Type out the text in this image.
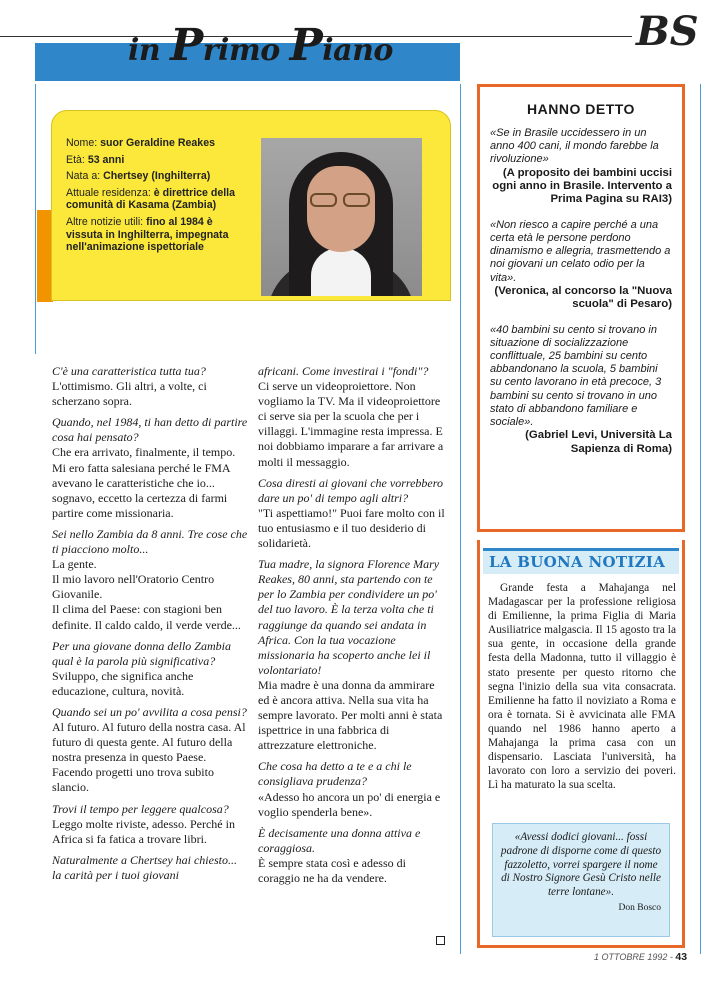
in Primo Piano	BS

Nome: suor Geraldine Reakes

Età: 53 anni

Nata a: Chertsey (Inghilterra)

Attuale residenza: è direttrice della comunità di Kasama (Zambia)

Altre notizie utili: fino al 1984 è vissuta in Inghilterra, impegnata nell'animazione ispettoriale

C'è una caratteristica tutta tua?
L'ottimismo. Gli altri, a volte, ci scherzano sopra.

Quando, nel 1984, ti han detto di partire cosa hai pensato?
Che era arrivato, finalmente, il tempo. Mi ero fatta salesiana perché le FMA avevano le caratteristiche che io... sognavo, eccetto la certezza di farmi partire come missionaria.

Sei nello Zambia da 8 anni. Tre cose che ti piacciono molto...
La gente.
Il mio lavoro nell'Oratorio Centro Giovanile.
Il clima del Paese: con stagioni ben definite. Il caldo caldo, il verde verde...

Per una giovane donna dello Zambia qual è la parola più significativa?
Sviluppo, che significa anche educazione, cultura, novità.

Quando sei un po' avvilita a cosa pensi?
Al futuro. Al futuro della nostra casa. Al futuro di questa gente. Al futuro della nostra presenza in questo Paese.
Facendo progetti uno trova subito slancio.

Trovi il tempo per leggere qualcosa?
Leggo molte riviste, adesso. Perché in Africa si fa fatica a trovare libri.

Naturalmente a Chertsey hai chiesto... la carità per i tuoi giovani

africani. Come investirai i "fondi"?
Ci serve un videoproiettore. Non vogliamo la TV. Ma il videoproiettore ci serve sia per la scuola che per i villaggi. L'immagine resta impressa. E noi dobbiamo imparare a far arrivare a molti il messaggio.

Cosa diresti ai giovani che vorrebbero dare un po' di tempo agli altri?
"Ti aspettiamo!" Puoi fare molto con il tuo entusiasmo e il tuo desiderio di solidarietà.

Tua madre, la signora Florence Mary Reakes, 80 anni, sta partendo con te per lo Zambia per condividere un po' del tuo lavoro. È la terza volta che ti raggiunge da quando sei andata in Africa. Con la tua vocazione missionaria ha scoperto anche lei il volontariato!
Mia madre è una donna da ammirare ed è ancora attiva. Nella sua vita ha sempre lavorato. Per molti anni è stata ispettrice in una fabbrica di attrezzature elettroniche.

Che cosa ha detto a te e a chi le consigliava prudenza?
«Adesso ho ancora un po' di energia e voglio spenderla bene».

È decisamente una donna attiva e coraggiosa.
È sempre stata così e adesso di coraggio ne ha da vendere.

HANNO DETTO
«Se in Brasile uccidessero in un anno 400 cani, il mondo farebbe la rivoluzione»
(A proposito dei bambini uccisi ogni anno in Brasile. Intervento a Prima Pagina su RAI3)
«Non riesco a capire perché a una certa età le persone perdono dinamismo e allegria, trasmettendo a noi giovani un celato odio per la vita».
(Veronica, al concorso la "Nuova scuola" di Pesaro)
«40 bambini su cento si trovano in situazione di socializzazione conflittuale, 25 bambini su cento abbandonano la scuola, 5 bambini su cento lavorano in età precoce, 3 bambini su cento si trovano in uno stato di abbandono familiare e sociale».
(Gabriel Levi, Università La Sapienza di Roma)
LA BUONA NOTIZIA
Grande festa a Mahajanga nel Madagascar per la professione religiosa di Emilienne, la prima Figlia di Maria Ausiliatrice malgascia. Il 15 agosto tra la sua gente, in occasione della grande festa della Madonna, tutto il villaggio è stato presente per questo ritorno che segna l'inizio della sua vita consacrata. Emilienne ha fatto il noviziato a Roma e ora è tornata. Si è avvicinata alle FMA quando nel 1986 hanno aperto a Mahajanga la prima casa con un dispensario. Lasciata l'università, ha lavorato con loro a servizio dei poveri. Lì ha maturato la sua scelta.
«Avessi dodici giovani... fossi padrone di disporne come di questo fazzoletto, vorrei spargere il nome di Nostro Signore Gesù Cristo nelle terre lontane».
Don Bosco
1 OTTOBRE 1992 - 43
